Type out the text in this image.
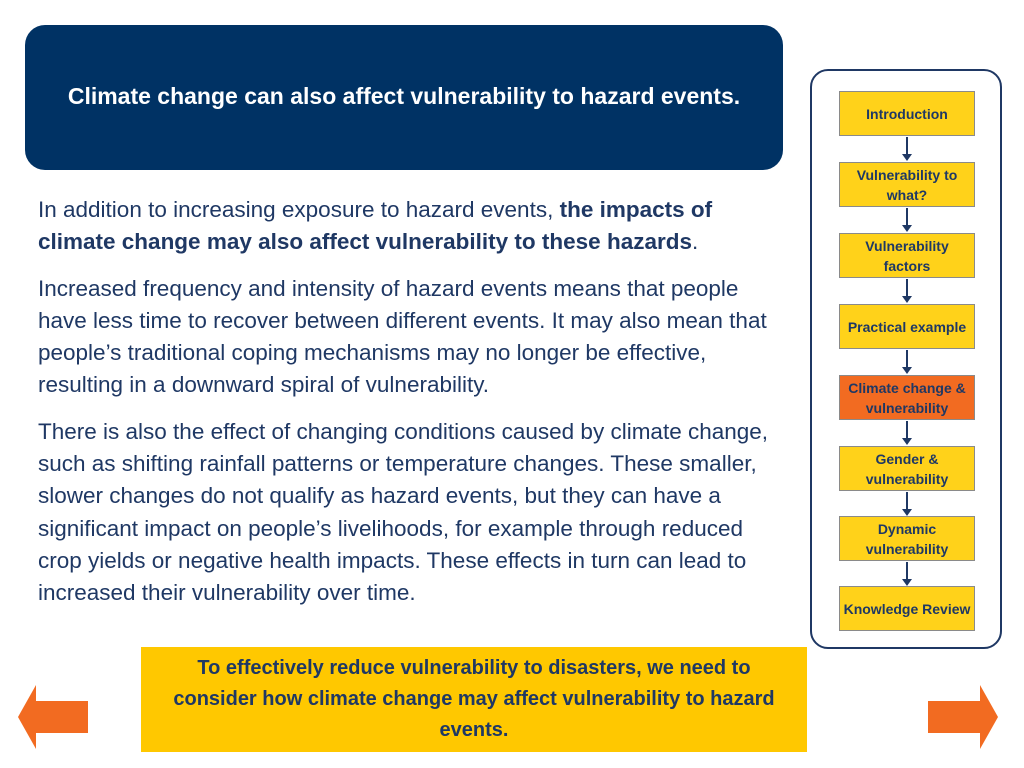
Climate change can also affect vulnerability to hazard events.

In addition to increasing exposure to hazard events, the impacts of climate change may also affect vulnerability to these hazards.

Increased frequency and intensity of hazard events means that people have less time to recover between different events. It may also mean that people’s traditional coping mechanisms may no longer be effective, resulting in a downward spiral of vulnerability.

There is also the effect of changing conditions caused by climate change, such as shifting rainfall patterns or temperature changes. These smaller, slower changes do not qualify as hazard events, but they can have a significant impact on people’s livelihoods, for example through reduced crop yields or negative health impacts. These effects in turn can lead to increased their vulnerability over time.

To effectively reduce vulnerability to disasters, we need to consider how climate change may affect vulnerability to hazard events.
Introduction
Vulnerability to what?
Vulnerability factors
Practical example
Climate change & vulnerability
Gender & vulnerability
Dynamic vulnerability
Knowledge Review
